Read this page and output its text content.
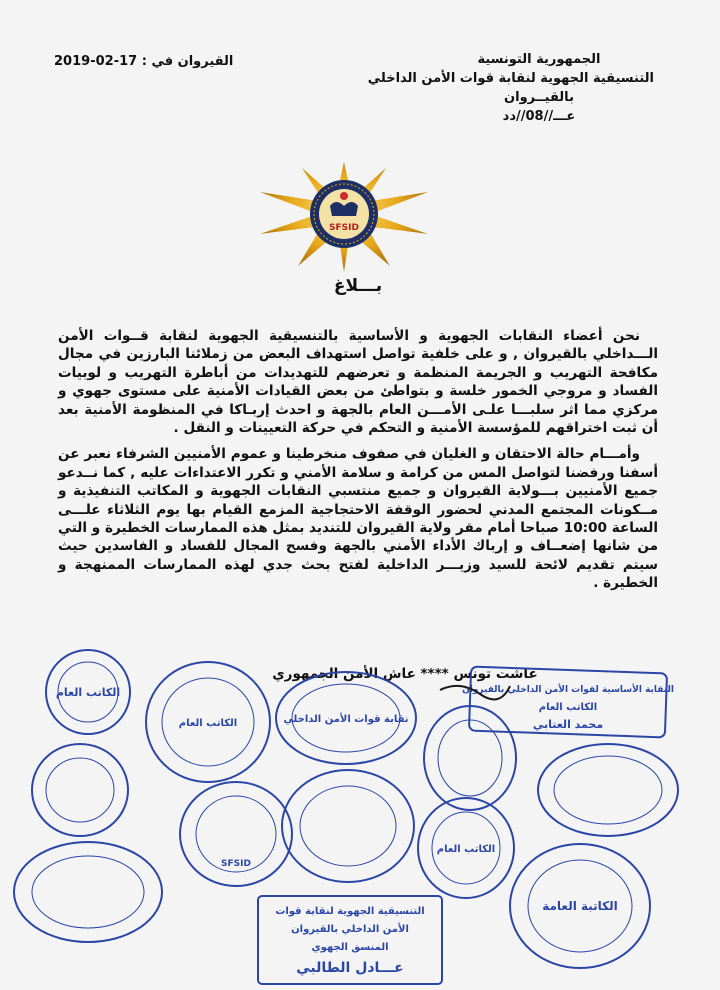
الجمهورية التونسية
التنسيقية الجهوية لنقابة قوات الأمن الداخلي
بالقيــروان
عـــ//08//دد
القيروان في : 17-02-2019
SFSID
بـــلاغ

نحن أعضاء النقابات الجهوية و الأساسية بالتنسيقية الجهوية لنقابة قــوات الأمن الـــداخلي بالقيروان , و على خلفية تواصل استهداف البعض من زملائنا البارزين في مجال مكافحة التهريب و الجريمة المنظمة و تعرضهم للتهديدات من أباطرة التهريب و لوبيات الفساد و مروجي الخمور خلسة و بتواطئ من بعض القيادات الأمنية على مستوى جهوي و مركزي مما اثر سلبـــا علـى الأمـــن العام بالجهة و احدث إربـاكا في المنظومة الأمنية بعد أن ثبت اختراقهم للمؤسسة الأمنية و التحكم في حركة التعيينات و النقل .

وأمـــام حالة الاحتقان و الغليان في صفوف منخرطينا و عموم الأمنيين الشرفاء نعبر عن أسفنا ورفضنا لتواصل المس من كرامة و سلامة الأمني و تكرر الاعتداءات عليه , كما نــدعو جميع الأمنيين بـــولاية القيروان و جميع منتسبي النقابات الجهوية و المكاتب التنفيذية و مــكونات المجتمع المدني لحضور الوقفة الاحتجاجية المزمع القيام بها يوم الثلاثاء علـــى الساعة 10:00 صباحا أمام مقر ولاية القيروان للتنديد بمثل هذه الممارسات الخطيرة و التي من شانها إضعــاف و إرباك الأداء الأمني بالجهة وفسح المجال للفساد و الفاسدين حيث سيتم تقديم لائحة للسيد وزيـــر الداخلية لفتح بحث جدي لهذه الممارسات الممنهجة و الخطيرة .

عاشت تونس **** عاش الأمن الجمهوري
الكاتب العام
الكاتب العام
الكاتبة العامة
نقابة قوات الأمن الداخلي
الكاتب العام
SFSID
النقابة الأساسية لقوات الأمن الداخلي بالقيروان
الكاتب العام
محمد العتابي
التنسيقية الجهوية لنقابة قوات
الأمن الداخلي بالقيروان
المنسق الجهوي
عـــادل الطالبي
